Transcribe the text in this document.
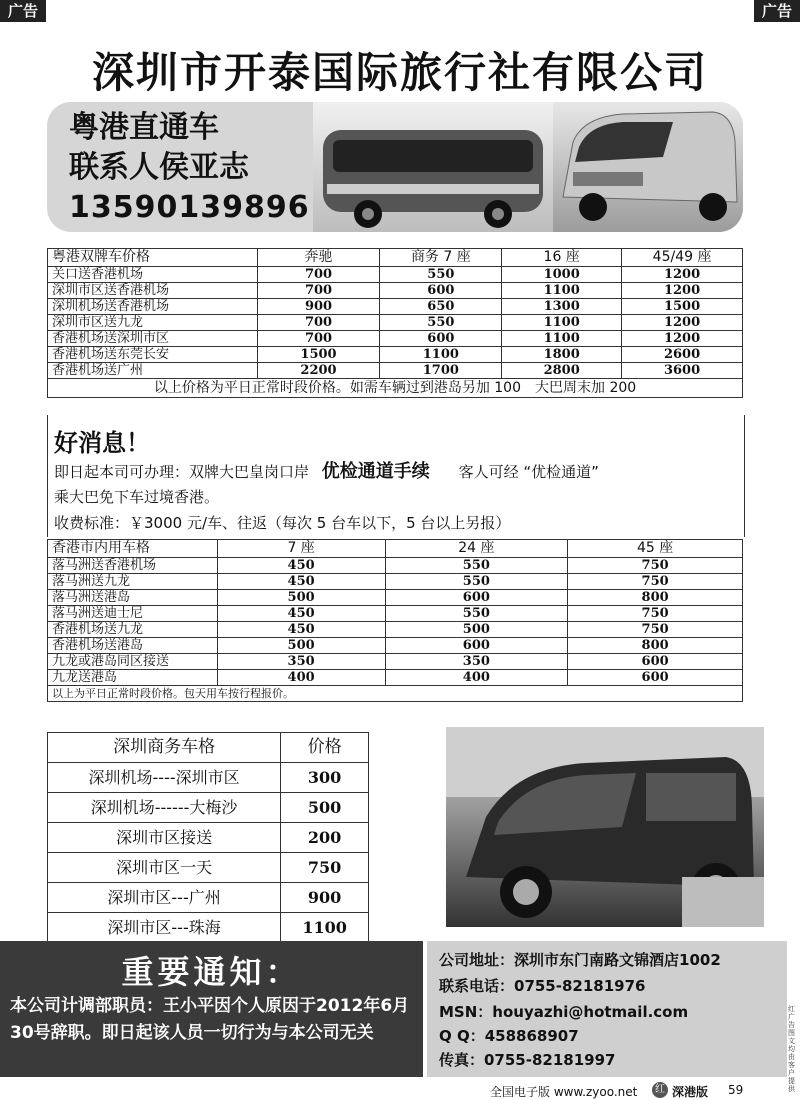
广告	广告
深圳市开泰国际旅行社有限公司
粤港直通车
联系人侯亚志
13590139896
粤港双牌车价格	奔驰	商务 7 座	16 座	45/49 座
关口送香港机场	700	550	1000	1200
深圳市区送香港机场	700	600	1100	1200
深圳机场送香港机场	900	650	1300	1500
深圳市区送九龙	700	550	1100	1200
香港机场送深圳市区	700	600	1100	1200
香港机场送东莞长安	1500	1100	1800	2600
香港机场送广州	2200	1700	2800	3600
以上价格为平日正常时段价格。如需车辆过到港岛另加 100　大巴周末加 200				
好消息！
即日起本司可办理：双牌大巴皇岗口岸 优检通道手续 客人可经 “优检通道”
乘大巴免下车过境香港。
收费标准：￥3000 元/车、往返（每次 5 台车以下，5 台以上另报）
香港市内用车格	7 座	24 座	45 座
落马洲送香港机场	450	550	750
落马洲送九龙	450	550	750
落马洲送港岛	500	600	800
落马洲送迪士尼	450	550	750
香港机场送九龙	450	500	750
香港机场送港岛	500	600	800
九龙或港岛同区接送	350	350	600
九龙送港岛	400	400	600
以上为平日正常时段价格。包天用车按行程报价。			
深圳商务车格	价格
深圳机场----深圳市区	300
深圳机场------大梅沙	500
深圳市区接送	200
深圳市区一天	750
深圳市区---广州	900
深圳市区---珠海	1100
重要通知：
本公司计调部职员：王小平因个人原因于2012年6月30号辞职。即日起该人员一切行为与本公司无关
公司地址：深圳市东门南路文锦酒店1002
联系电话：0755-82181976
MSN：houyazhi@hotmail.com
Q Q：458868907
传真：0755-82181997
红广告图文均由客户提供
全国电子版 www.zyoo.net	红 深港版 59
